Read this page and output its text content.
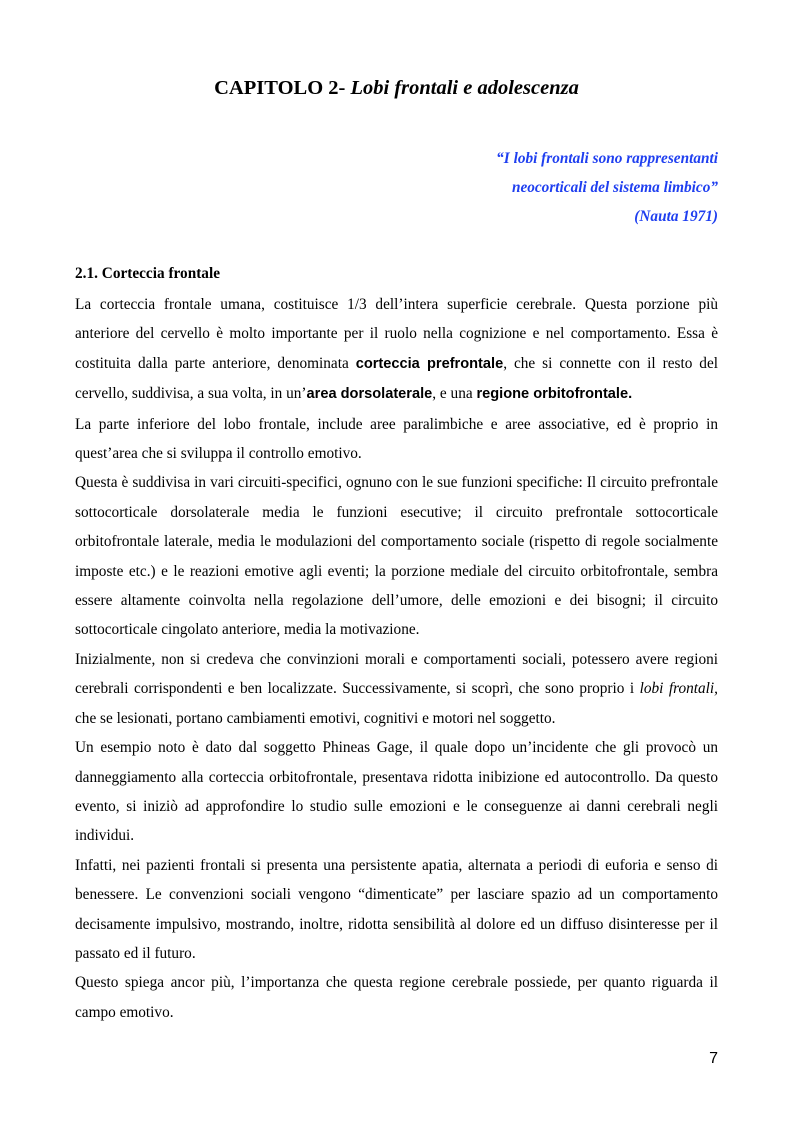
CAPITOLO 2- Lobi frontali e adolescenza
“I lobi frontali sono rappresentanti
neocorticali del sistema limbico”
(Nauta 1971)
2.1. Corteccia frontale

La corteccia frontale umana, costituisce 1/3 dell’intera superficie cerebrale. Questa porzione più anteriore del cervello è molto importante per il ruolo nella cognizione e nel comportamento. Essa è costituita dalla parte anteriore, denominata corteccia prefrontale, che si connette con il resto del cervello, suddivisa, a sua volta, in un’area dorsolaterale, e una regione orbitofrontale.

La parte inferiore del lobo frontale, include aree paralimbiche e aree associative, ed è proprio in quest’area che si sviluppa il controllo emotivo.

Questa è suddivisa in vari circuiti-specifici, ognuno con le sue funzioni specifiche: Il circuito prefrontale sottocorticale dorsolaterale media le funzioni esecutive; il circuito prefrontale sottocorticale orbitofrontale laterale, media le modulazioni del comportamento sociale (rispetto di regole socialmente imposte etc.) e le reazioni emotive agli eventi; la porzione mediale del circuito orbitofrontale, sembra essere altamente coinvolta nella regolazione dell’umore, delle emozioni e dei bisogni; il circuito sottocorticale cingolato anteriore, media la motivazione.

Inizialmente, non si credeva che convinzioni morali e comportamenti sociali, potessero avere regioni cerebrali corrispondenti e ben localizzate. Successivamente, si scoprì, che sono proprio i lobi frontali, che se lesionati, portano cambiamenti emotivi, cognitivi e motori nel soggetto.

Un esempio noto è dato dal soggetto Phineas Gage, il quale dopo un’incidente che gli provocò un danneggiamento alla corteccia orbitofrontale, presentava ridotta inibizione ed autocontrollo. Da questo evento, si iniziò ad approfondire lo studio sulle emozioni e le conseguenze ai danni cerebrali negli individui.

Infatti, nei pazienti frontali si presenta una persistente apatia, alternata a periodi di euforia e senso di benessere. Le convenzioni sociali vengono “dimenticate” per lasciare spazio ad un comportamento decisamente impulsivo, mostrando, inoltre, ridotta sensibilità al dolore ed un diffuso disinteresse per il passato ed il futuro.

Questo spiega ancor più, l’importanza che questa regione cerebrale possiede, per quanto riguarda il campo emotivo.

7
